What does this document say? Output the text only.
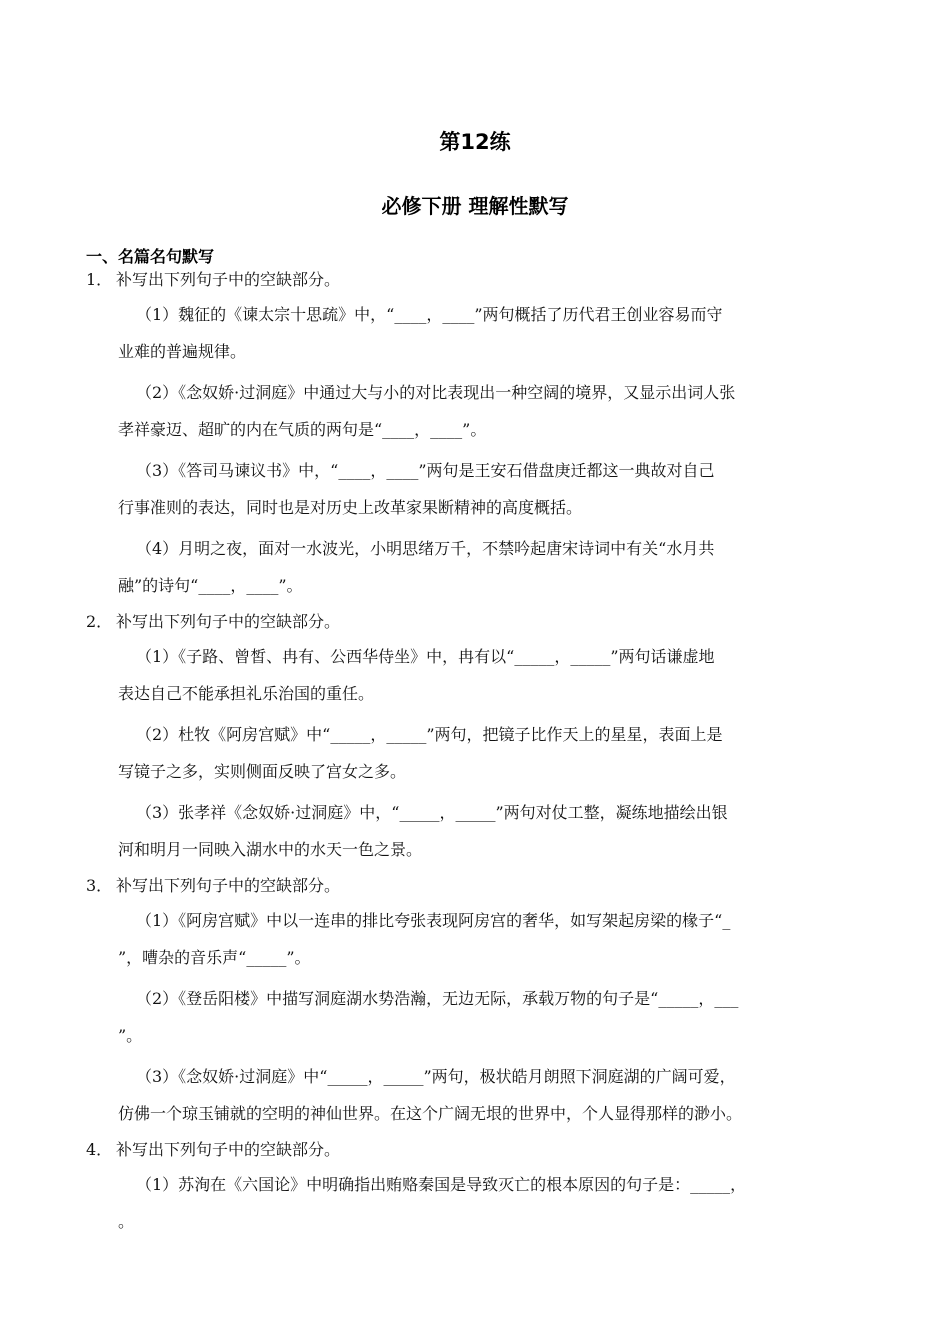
第12练
必修下册 理解性默写
一、名篇名句默写

1． 补写出下列句子中的空缺部分。

（1）魏征的《谏太宗十思疏》中，“____，____”两句概括了历代君王创业容易而守
业难的普遍规律。
（2）《念奴娇·过洞庭》中通过大与小的对比表现出一种空阔的境界，又显示出词人张
孝祥豪迈、超旷的内在气质的两句是“____，____”。
（3）《答司马谏议书》中，“____，____”两句是王安石借盘庚迁都这一典故对自己
行事准则的表达，同时也是对历史上改革家果断精神的高度概括。
（4）月明之夜，面对一水波光，小明思绪万千，不禁吟起唐宋诗词中有关“水月共
融”的诗句“____，____”。

2． 补写出下列句子中的空缺部分。

（1）《子路、曾皙、冉有、公西华侍坐》中，冉有以“_____，_____”两句话谦虚地
表达自己不能承担礼乐治国的重任。
（2）杜牧《阿房宫赋》中“_____，_____”两句，把镜子比作天上的星星，表面上是
写镜子之多，实则侧面反映了宫女之多。
（3）张孝祥《念奴娇·过洞庭》中，“_____，_____”两句对仗工整，凝练地描绘出银
河和明月一同映入湖水中的水天一色之景。

3． 补写出下列句子中的空缺部分。

（1）《阿房宫赋》中以一连串的排比夸张表现阿房宫的奢华，如写架起房梁的椽子“_
”，嘈杂的音乐声“_____”。
（2）《登岳阳楼》中描写洞庭湖水势浩瀚，无边无际，承载万物的句子是“_____，___
”。
（3）《念奴娇·过洞庭》中“_____，_____”两句，极状皓月朗照下洞庭湖的广阔可爱，
仿佛一个琼玉铺就的空明的神仙世界。在这个广阔无垠的世界中，个人显得那样的渺小。

4． 补写出下列句子中的空缺部分。

（1）苏洵在《六国论》中明确指出贿赂秦国是导致灭亡的根本原因的句子是：_____，
。
